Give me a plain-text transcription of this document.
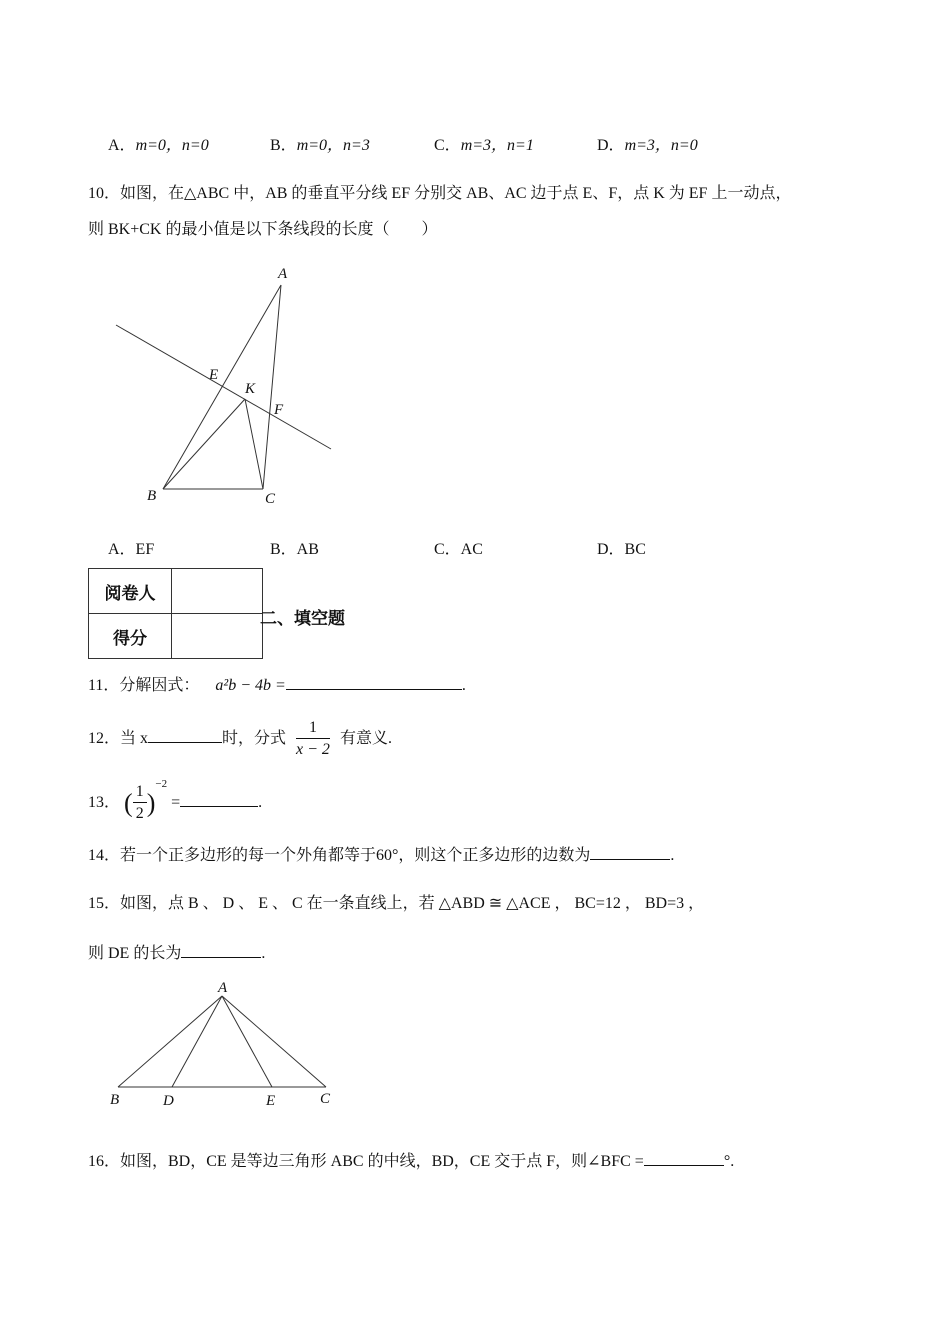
A．m=0，n=0	B．m=0，n=3	C．m=3，n=1	D．m=3，n=0
10．如图，在△ABC 中，AB 的垂直平分线 EF 分别交 AB、AC 边于点 E、F，点 K 为 EF 上一动点，
则 BK+CK 的最小值是以下条线段的长度（　　）
A
E
K
F
B	C
A．EF	B．AB	C．AC	D．BC
阅卷人	
得分	
二、填空题
11．分解因式： a²b − 4b =	.
12．当 x	时，分式 $\frac{1}{x - 2}$ 有意义.
13． ( $\frac{1}{2} )^{-2}$ =	.
14．若一个正多边形的每一个外角都等于60°，则这个正多边形的边数为	.
15．如图，点 B 、 D 、 E 、 C 在一条直线上，若 △ABD ≅ △ACE ， BC=12 ， BD=3 ，
则 DE 的长为	.
A
B	D	E	C
16．如图，BD，CE 是等边三角形 ABC 的中线，BD，CE 交于点 F，则∠BFC =	°.
